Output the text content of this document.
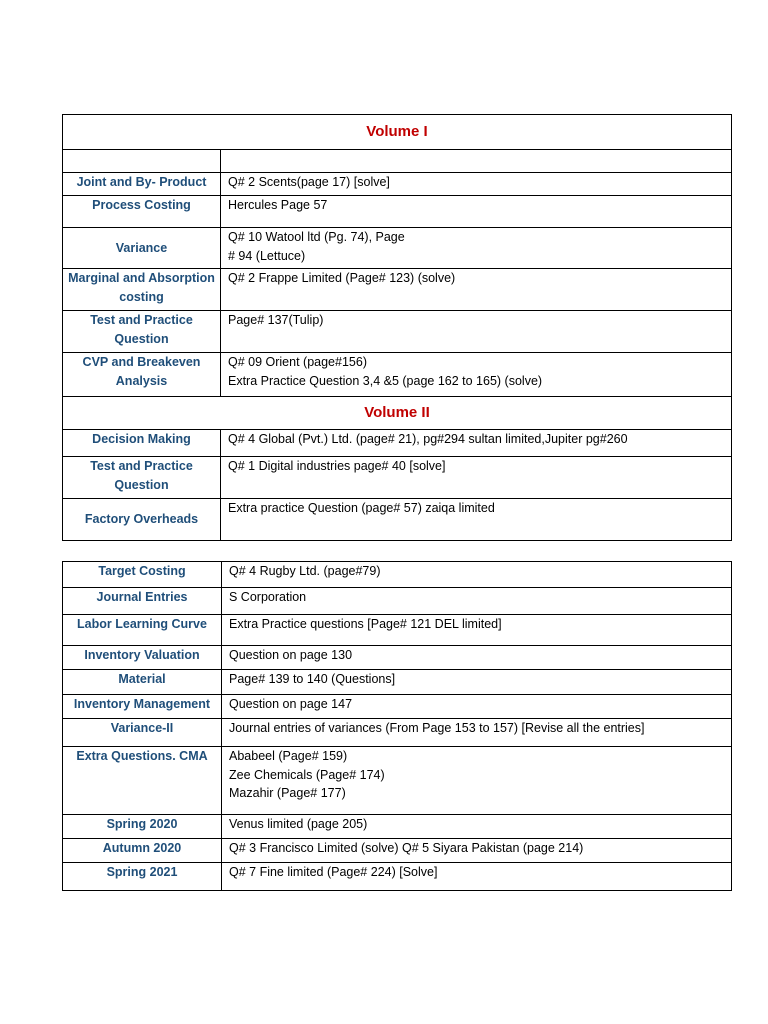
Volume I	

Joint and By- Product	Q# 2 Scents(page 17) [solve]
Process Costing	Hercules Page 57
Variance	Q# 10 Watool ltd (Pg. 74), Page
# 94 (Lettuce)
Marginal and Absorption costing	Q# 2 Frappe Limited (Page# 123) (solve)
Test and Practice Question	Page# 137(Tulip)
CVP and Breakeven Analysis	Q# 09 Orient (page#156)
Extra Practice Question 3,4 &5 (page 162 to 165) (solve)
Volume II	
Decision Making	Q# 4 Global (Pvt.) Ltd. (page# 21), pg#294 sultan limited,Jupiter pg#260
Test and Practice Question	Q# 1 Digital industries page# 40 [solve]
Factory Overheads	Extra practice Question (page# 57) zaiqa limited
Target Costing	Q# 4 Rugby Ltd. (page#79)
Journal Entries	S Corporation
Labor Learning Curve	Extra Practice questions [Page# 121 DEL limited]
Inventory Valuation	Question on page 130
Material	Page# 139 to 140 (Questions]
Inventory Management	Question on page 147
Variance-II	Journal entries of variances (From Page 153 to 157) [Revise all the entries]
Extra Questions. CMA	Ababeel (Page# 159)
Zee Chemicals (Page# 174)
Mazahir (Page# 177)
Spring 2020	Venus limited (page 205)
Autumn 2020	Q# 3 Francisco Limited (solve) Q# 5 Siyara Pakistan (page 214)
Spring 2021	Q# 7 Fine limited (Page# 224) [Solve]
